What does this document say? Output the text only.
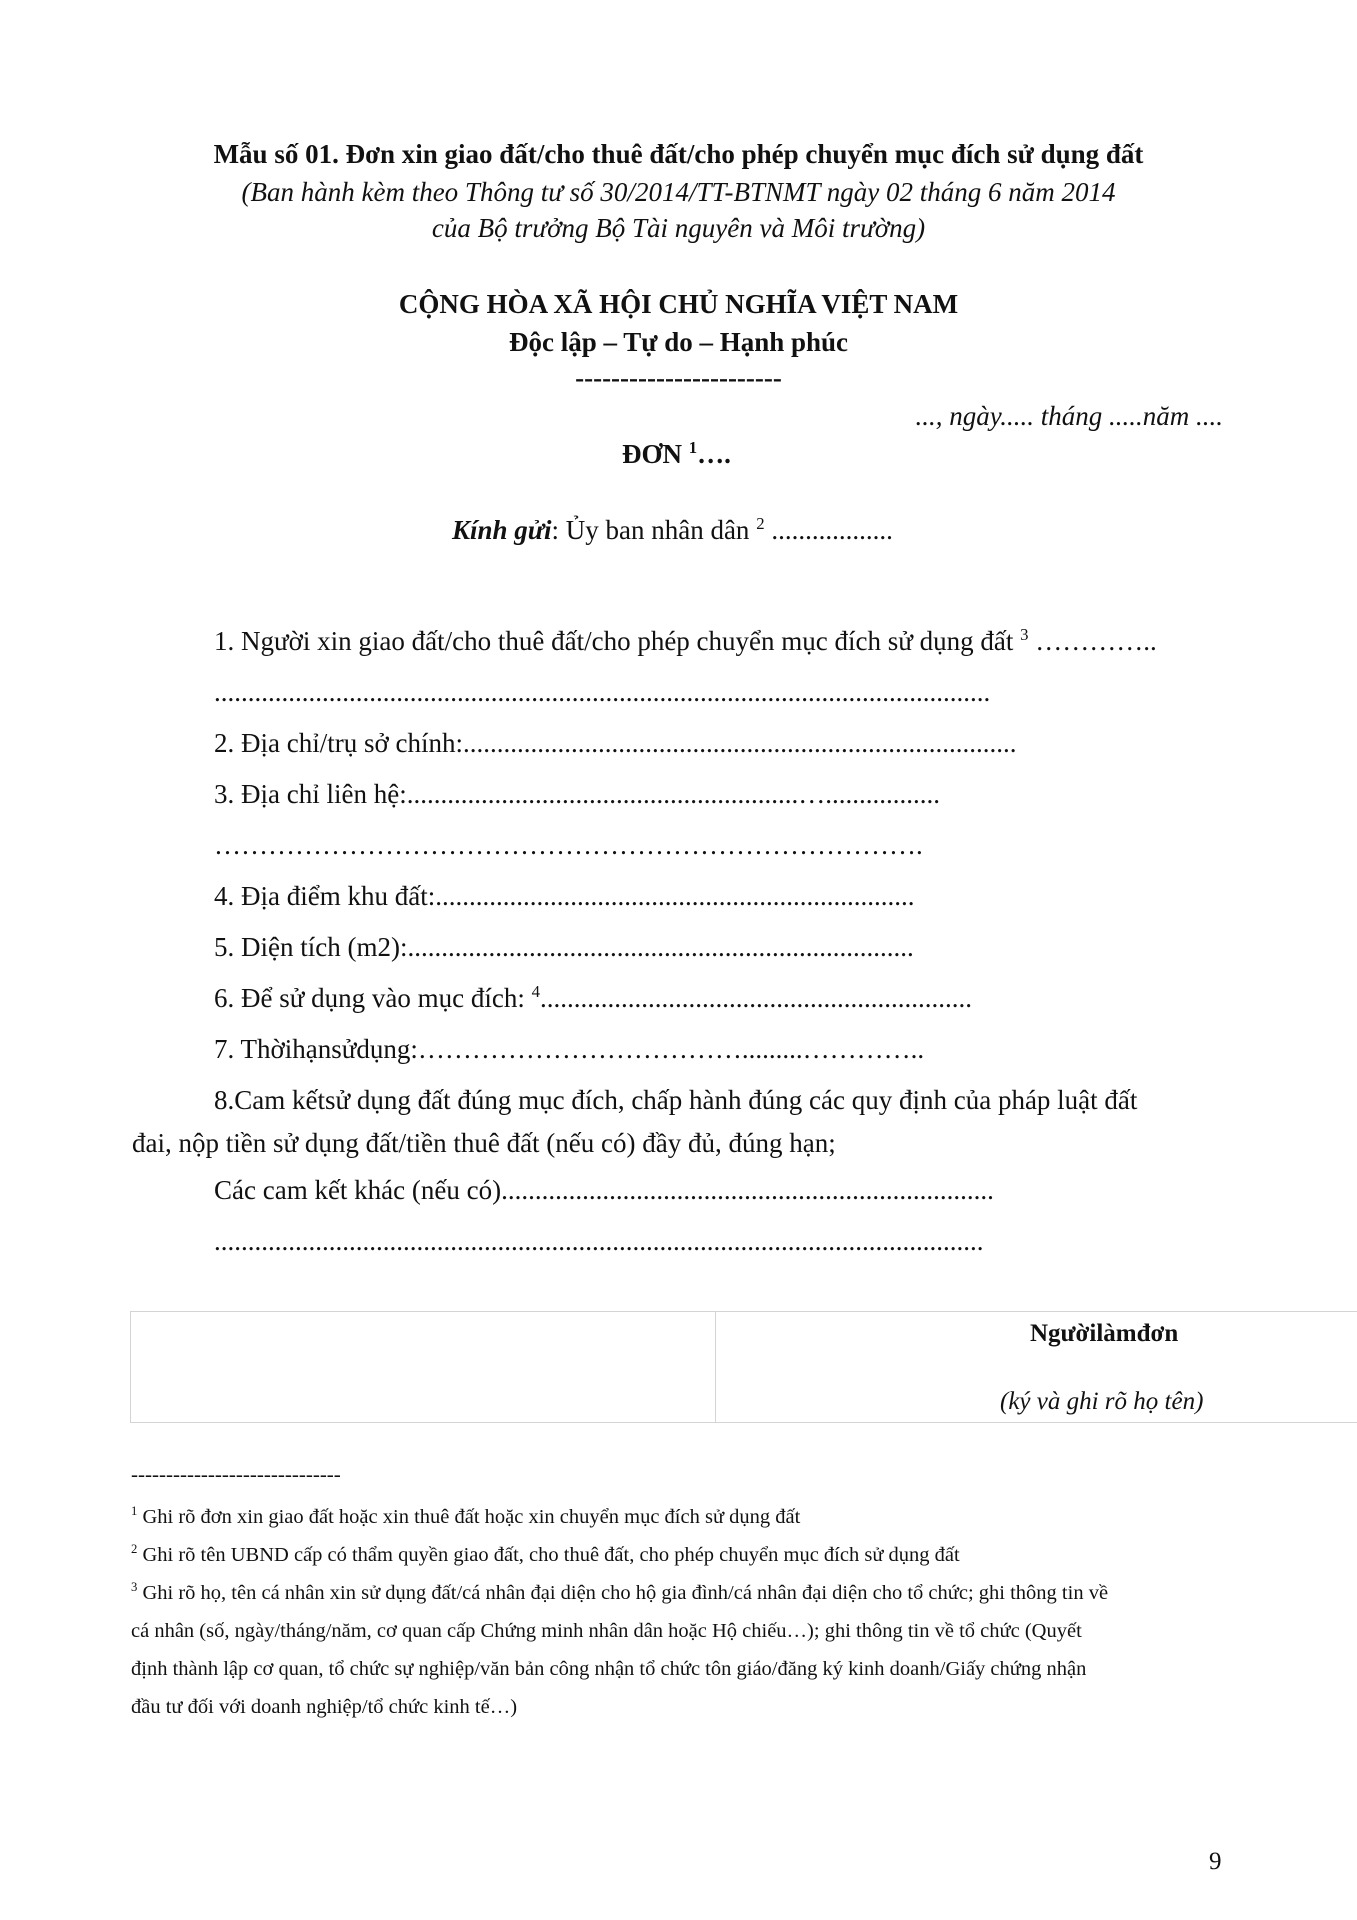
Mẫu số 01. Đơn xin giao đất/cho thuê đất/cho phép chuyển mục đích sử dụng đất
(Ban hành kèm theo Thông tư số 30/2014/TT-BTNMT ngày 02 tháng 6 năm 2014
của Bộ trưởng Bộ Tài nguyên và Môi trường)
CỘNG HÒA XÃ HỘI CHỦ NGHĨA VIỆT NAM
Độc lập – Tự do – Hạnh phúc
-----------------------
..., ngày..... tháng .....năm ....
ĐƠN $^1$….
Kính gửi: Ủy ban nhân dân $^2$ ..................
1. Người xin giao đất/cho thuê đất/cho phép chuyển mục đích sử dụng đất $^3$ …………..
...................................................................................................................
2. Địa chỉ/trụ sở chính:..................................................................................
3. Địa chỉ liên hệ:..........................................................….................
…………………………………………………………………….
4. Địa điểm khu đất:.......................................................................
5. Diện tích (m2):...........................................................................
6. Để sử dụng vào mục đích: $^4$................................................................
7. Thờihạnsửdụng:……………………………….........…………..
8.Cam kếtsử dụng đất đúng mục đích, chấp hành đúng các quy định của pháp luật đất
đai, nộp tiền sử dụng đất/tiền thuê đất (nếu có) đầy đủ, đúng hạn;
Các cam kết khác (nếu có).........................................................................
..................................................................................................................
Ngườilàmđơn
(ký và ghi rõ họ tên)
------------------------------
$^1$ Ghi rõ đơn xin giao đất hoặc xin thuê đất hoặc xin chuyển mục đích sử dụng đất
$^2$ Ghi rõ tên UBND cấp có thẩm quyền giao đất, cho thuê đất, cho phép chuyển mục đích sử dụng đất
$^3$ Ghi rõ họ, tên cá nhân xin sử dụng đất/cá nhân đại diện cho hộ gia đình/cá nhân đại diện cho tổ chức; ghi thông tin về
cá nhân (số, ngày/tháng/năm, cơ quan cấp Chứng minh nhân dân hoặc Hộ chiếu…); ghi thông tin về tổ chức (Quyết
định thành lập cơ quan, tổ chức sự nghiệp/văn bản công nhận tổ chức tôn giáo/đăng ký kinh doanh/Giấy chứng nhận
đầu tư đối với doanh nghiệp/tổ chức kinh tế…)
9
